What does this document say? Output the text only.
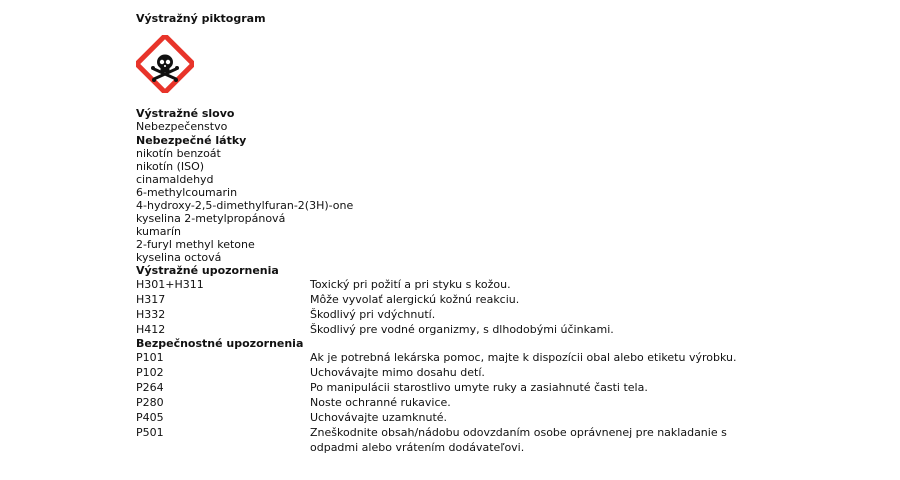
Výstražný piktogram
Výstražné slovo
Nebezpečenstvo
Nebezpečné látky
nikotín benzoát
nikotín (ISO)
cinamaldehyd
6-methylcoumarin
4-hydroxy-2,5-dimethylfuran-2(3H)-one
kyselina 2-metylpropánová
kumarín
2-furyl methyl ketone
kyselina octová
Výstražné upozornenia
H301+H311	Toxický pri požití a pri styku s kožou.
H317	Môže vyvolať alergickú kožnú reakciu.
H332	Škodlivý pri vdýchnutí.
H412	Škodlivý pre vodné organizmy, s dlhodobými účinkami.
Bezpečnostné upozornenia
P101	Ak je potrebná lekárska pomoc, majte k dispozícii obal alebo etiketu výrobku.
P102	Uchovávajte mimo dosahu detí.
P264	Po manipulácii starostlivo umyte ruky a zasiahnuté časti tela.
P280	Noste ochranné rukavice.
P405	Uchovávajte uzamknuté.
P501	Zneškodnite obsah/nádobu odovzdaním osobe oprávnenej pre nakladanie s
odpadmi alebo vrátením dodávateľovi.
